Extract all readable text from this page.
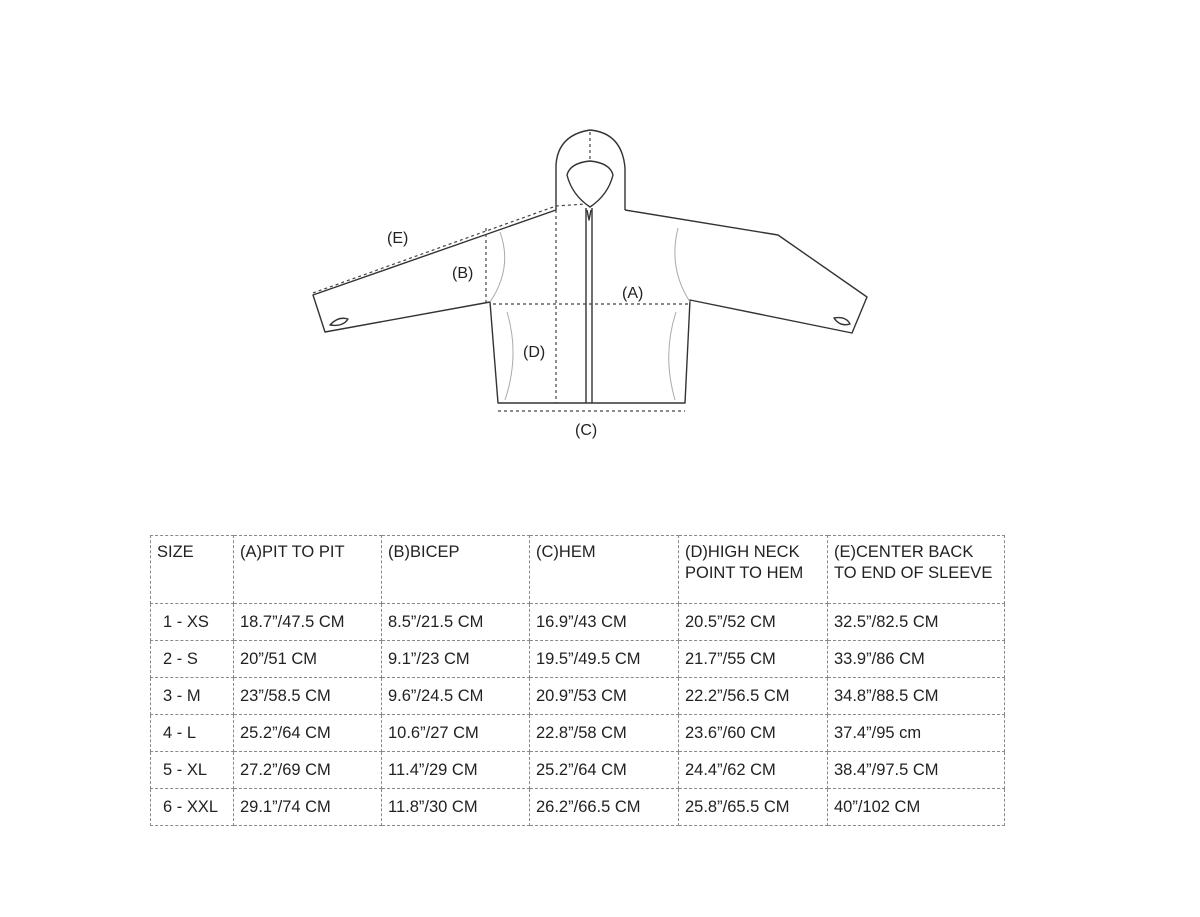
(E)
(B)
(A)
(D)
(C)
SIZE	(A)PIT TO PIT	(B)BICEP	(C)HEM	(D)HIGH NECK POINT TO HEM	(E)CENTER BACK TO END OF SLEEVE
1 - XS	18.7”/47.5 CM	8.5”/21.5 CM	16.9”/43 CM	20.5”/52 CM	32.5”/82.5 CM
2 - S	20”/51 CM	9.1”/23 CM	19.5”/49.5 CM	21.7”/55 CM	33.9”/86 CM
3 - M	23”/58.5 CM	9.6”/24.5 CM	20.9”/53 CM	22.2”/56.5 CM	34.8”/88.5 CM
4 - L	25.2”/64 CM	10.6”/27 CM	22.8”/58 CM	23.6”/60 CM	37.4”/95 cm
5 - XL	27.2”/69 CM	11.4”/29 CM	25.2”/64 CM	24.4”/62 CM	38.4”/97.5 CM
6 - XXL	29.1”/74 CM	11.8”/30 CM	26.2”/66.5 CM	25.8”/65.5 CM	40”/102 CM
